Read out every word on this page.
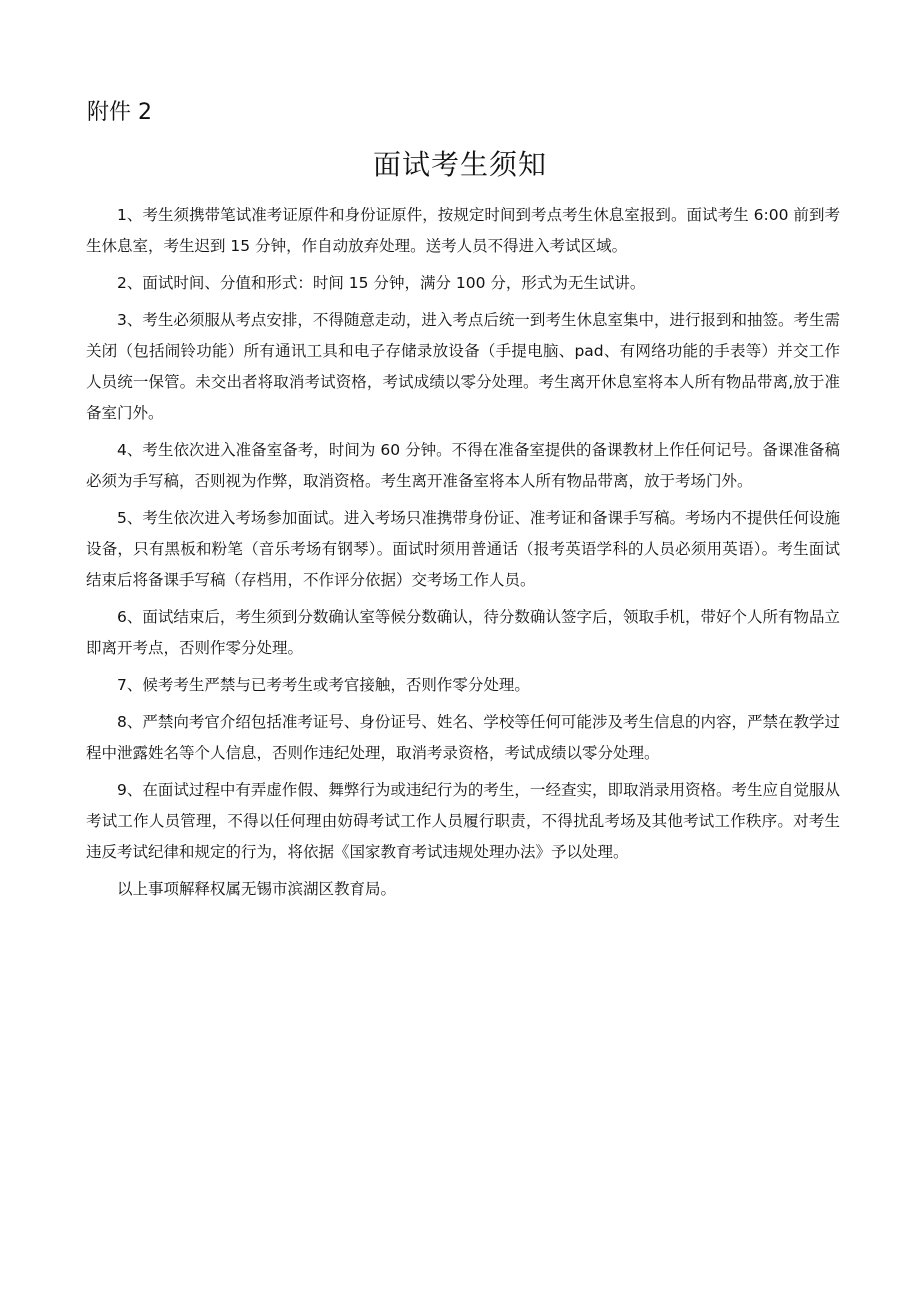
附件 2
面试考生须知

1、考生须携带笔试准考证原件和身份证原件，按规定时间到考点考生休息室报到。面试考生 6:00 前到考生休息室，考生迟到 15 分钟，作自动放弃处理。送考人员不得进入考试区域。

2、面试时间、分值和形式：时间 15 分钟，满分 100 分，形式为无生试讲。

3、考生必须服从考点安排，不得随意走动，进入考点后统一到考生休息室集中，进行报到和抽签。考生需关闭（包括闹铃功能）所有通讯工具和电子存储录放设备（手提电脑、pad、有网络功能的手表等）并交工作人员统一保管。未交出者将取消考试资格，考试成绩以零分处理。考生离开休息室将本人所有物品带离,放于准备室门外。

4、考生依次进入准备室备考，时间为 60 分钟。不得在准备室提供的备课教材上作任何记号。备课准备稿必须为手写稿，否则视为作弊，取消资格。考生离开准备室将本人所有物品带离，放于考场门外。

5、考生依次进入考场参加面试。进入考场只准携带身份证、准考证和备课手写稿。考场内不提供任何设施设备，只有黑板和粉笔（音乐考场有钢琴）。面试时须用普通话（报考英语学科的人员必须用英语）。考生面试结束后将备课手写稿（存档用，不作评分依据）交考场工作人员。

6、面试结束后，考生须到分数确认室等候分数确认，待分数确认签字后，领取手机，带好个人所有物品立即离开考点，否则作零分处理。

7、候考考生严禁与已考考生或考官接触，否则作零分处理。

8、严禁向考官介绍包括准考证号、身份证号、姓名、学校等任何可能涉及考生信息的内容，严禁在教学过程中泄露姓名等个人信息，否则作违纪处理，取消考录资格，考试成绩以零分处理。

9、在面试过程中有弄虚作假、舞弊行为或违纪行为的考生，一经查实，即取消录用资格。考生应自觉服从考试工作人员管理，不得以任何理由妨碍考试工作人员履行职责，不得扰乱考场及其他考试工作秩序。对考生违反考试纪律和规定的行为，将依据《国家教育考试违规处理办法》予以处理。

以上事项解释权属无锡市滨湖区教育局。
